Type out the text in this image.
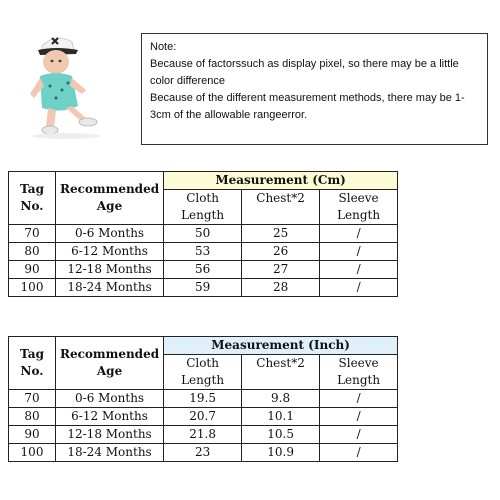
Note:
Because of factorssuch as display pixel, so there may be a little color difference
Because of the different measurement methods, there may be 1-3cm of the allowable rangeerror.
Tag No.	Recommended Age	Measurement (Cm)		
		Cloth Length	Chest*2	Sleeve Length
70	0-6 Months	50	25	/
80	6-12 Months	53	26	/
90	12-18 Months	56	27	/
100	18-24 Months	59	28	/
Tag No.	Recommended Age	Measurement (Inch)		
		Cloth Length	Chest*2	Sleeve Length
70	0-6 Months	19.5	9.8	/
80	6-12 Months	20.7	10.1	/
90	12-18 Months	21.8	10.5	/
100	18-24 Months	23	10.9	/
